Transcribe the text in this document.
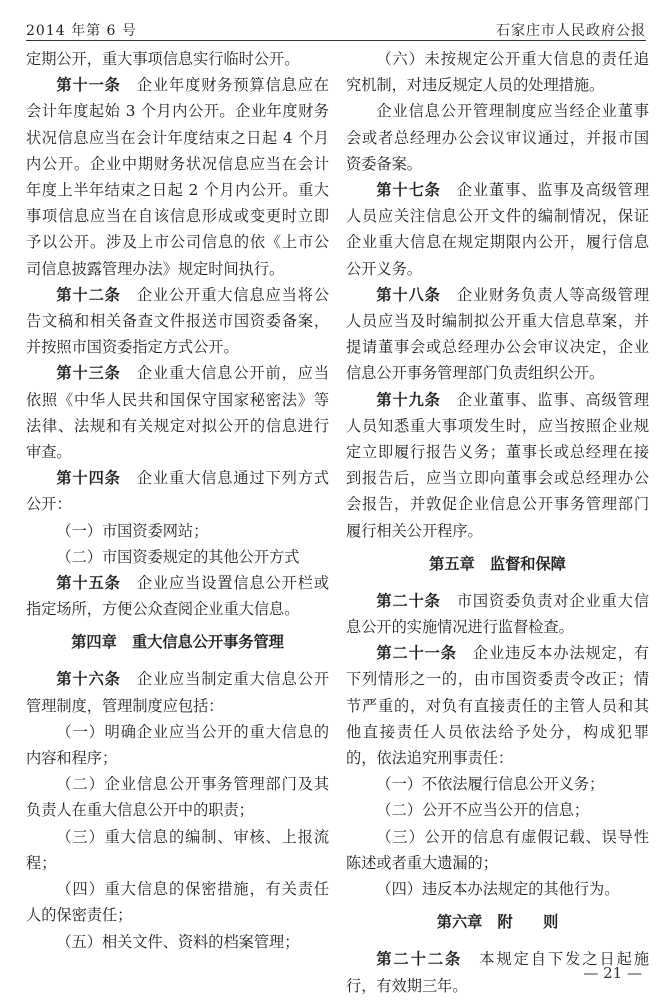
2014 年第 6 号	石家庄市人民政府公报

定期公开，重大事项信息实行临时公开。

第十一条　企业年度财务预算信息应在会计年度起始 3 个月内公开。企业年度财务状况信息应当在会计年度结束之日起 4 个月内公开。企业中期财务状况信息应当在会计年度上半年结束之日起 2 个月内公开。重大事项信息应当在自该信息形成或变更时立即予以公开。涉及上市公司信息的依《上市公司信息披露管理办法》规定时间执行。

第十二条　企业公开重大信息应当将公告文稿和相关备查文件报送市国资委备案，并按照市国资委指定方式公开。

第十三条　企业重大信息公开前，应当依照《中华人民共和国保守国家秘密法》等法律、法规和有关规定对拟公开的信息进行审查。

第十四条　企业重大信息通过下列方式公开：

（一）市国资委网站；

（二）市国资委规定的其他公开方式

第十五条　企业应当设置信息公开栏或指定场所，方便公众查阅企业重大信息。

第四章　重大信息公开事务管理

第十六条　企业应当制定重大信息公开管理制度，管理制度应包括：

（一）明确企业应当公开的重大信息的内容和程序；

（二）企业信息公开事务管理部门及其负责人在重大信息公开中的职责；

（三）重大信息的编制、审核、上报流程；

（四）重大信息的保密措施，有关责任人的保密责任；

（五）相关文件、资料的档案管理；

（六）未按规定公开重大信息的责任追究机制，对违反规定人员的处理措施。

企业信息公开管理制度应当经企业董事会或者总经理办公会议审议通过，并报市国资委备案。

第十七条　企业董事、监事及高级管理人员应关注信息公开文件的编制情况，保证企业重大信息在规定期限内公开，履行信息公开义务。

第十八条　企业财务负责人等高级管理人员应当及时编制拟公开重大信息草案，并提请董事会或总经理办公会审议决定，企业信息公开事务管理部门负责组织公开。

第十九条　企业董事、监事、高级管理人员知悉重大事项发生时，应当按照企业规定立即履行报告义务；董事长或总经理在接到报告后，应当立即向董事会或总经理办公会报告，并敦促企业信息公开事务管理部门履行相关公开程序。

第五章　监督和保障

第二十条　市国资委负责对企业重大信息公开的实施情况进行监督检查。

第二十一条　企业违反本办法规定，有下列情形之一的，由市国资委责令改正；情节严重的，对负有直接责任的主管人员和其他直接责任人员依法给予处分，构成犯罪的，依法追究刑事责任：

（一）不依法履行信息公开义务；

（二）公开不应当公开的信息；

（三）公开的信息有虚假记载、误导性陈述或者重大遗漏的；

（四）违反本办法规定的其他行为。

第六章　附　　则

第二十二条　本规定自下发之日起施行，有效期三年。

— 21 —
